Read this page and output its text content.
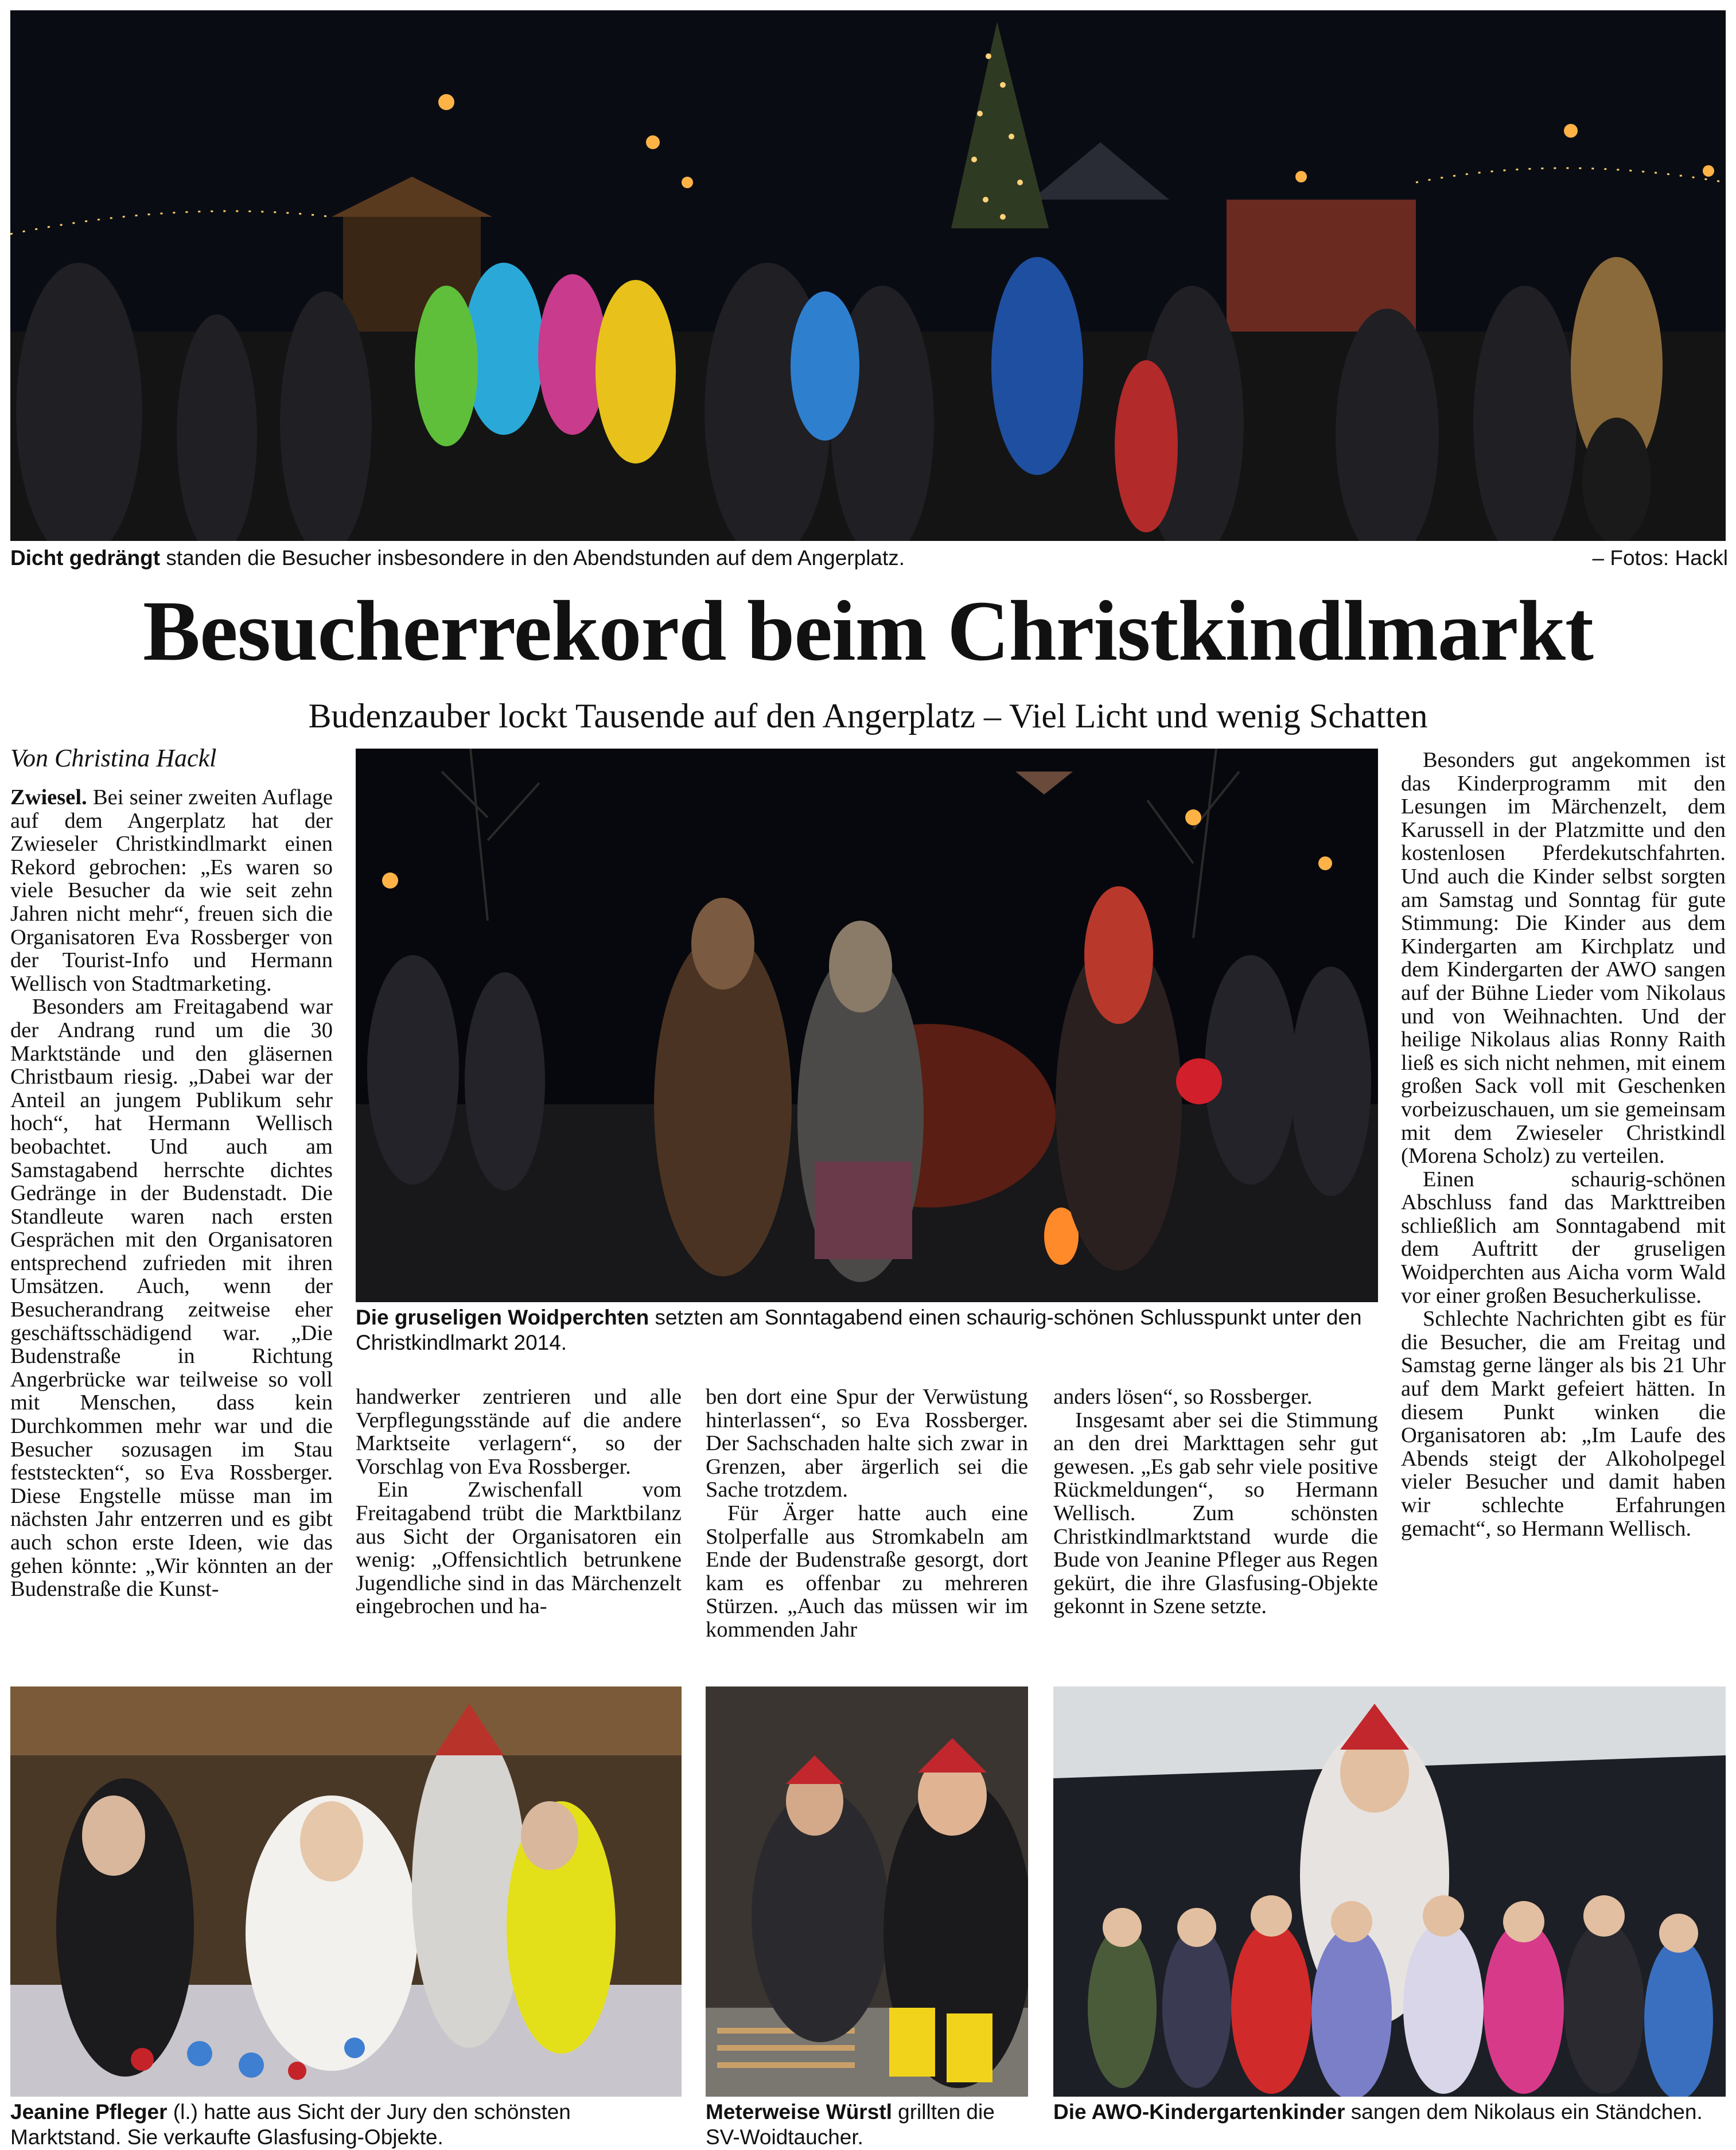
Dicht gedrängt standen die Besucher insbesondere in den Abendstunden auf dem Angerplatz.	– Fotos: Hackl
Besucherrekord beim Christkindlmarkt
Budenzauber lockt Tausende auf den Angerplatz – Viel Licht und wenig Schatten
Von Christina Hackl
Die gruseligen Woidperchten setzten am Sonntagabend einen schaurig-schönen Schlusspunkt unter den Christkindlmarkt 2014.

Zwiesel. Bei seiner zweiten Auflage auf dem Angerplatz hat der Zwieseler Christkindlmarkt einen Rekord gebrochen: „Es waren so viele Besucher da wie seit zehn Jahren nicht mehr“, freuen sich die Organisatoren Eva Rossberger von der Tourist-Info und Hermann Wellisch von Stadtmarketing.

Besonders am Freitagabend war der Andrang rund um die 30 Marktstände und den gläsernen Christbaum riesig. „Dabei war der Anteil an jungem Publikum sehr hoch“, hat Hermann Wellisch beobachtet. Und auch am Samstagabend herrschte dichtes Gedränge in der Budenstadt. Die Standleute waren nach ersten Gesprächen mit den Organisatoren entsprechend zufrieden mit ihren Umsätzen. Auch, wenn der Besucherandrang zeitweise eher geschäftsschädigend war. „Die Budenstraße in Richtung Angerbrücke war teilweise so voll mit Menschen, dass kein Durchkommen mehr war und die Besucher sozusagen im Stau feststeckten“, so Eva Rossberger. Diese Engstelle müsse man im nächsten Jahr entzerren und es gibt auch schon erste Ideen, wie das gehen könnte: „Wir könnten an der Budenstraße die Kunst-

handwerker zentrieren und alle Verpflegungsstände auf die andere Marktseite verlagern“, so der Vorschlag von Eva Rossberger.

Ein Zwischenfall vom Freitagabend trübt die Marktbilanz aus Sicht der Organisatoren ein wenig: „Offensichtlich betrunkene Jugendliche sind in das Märchenzelt eingebrochen und ha-

ben dort eine Spur der Verwüstung hinterlassen“, so Eva Rossberger. Der Sachschaden halte sich zwar in Grenzen, aber ärgerlich sei die Sache trotzdem.

Für Ärger hatte auch eine Stolperfalle aus Stromkabeln am Ende der Budenstraße gesorgt, dort kam es offenbar zu mehreren Stürzen. „Auch das müssen wir im kommenden Jahr

anders lösen“, so Rossberger.

Insgesamt aber sei die Stimmung an den drei Markttagen sehr gut gewesen. „Es gab sehr viele positive Rückmeldungen“, so Hermann Wellisch. Zum schönsten Christkindlmarktstand wurde die Bude von Jeanine Pfleger aus Regen gekürt, die ihre Glasfusing-Objekte gekonnt in Szene setzte.

Besonders gut angekommen ist das Kinderprogramm mit den Lesungen im Märchenzelt, dem Karussell in der Platzmitte und den kostenlosen Pferdekutschfahrten. Und auch die Kinder selbst sorgten am Samstag und Sonntag für gute Stimmung: Die Kinder aus dem Kindergarten am Kirchplatz und dem Kindergarten der AWO sangen auf der Bühne Lieder vom Nikolaus und von Weihnachten. Und der heilige Nikolaus alias Ronny Raith ließ es sich nicht nehmen, mit einem großen Sack voll mit Geschenken vorbeizuschauen, um sie gemeinsam mit dem Zwieseler Christkindl (Morena Scholz) zu verteilen.

Einen schaurig-schönen Abschluss fand das Markttreiben schließlich am Sonntagabend mit dem Auftritt der gruseligen Woidperchten aus Aicha vorm Wald vor einer großen Besucherkulisse.

Schlechte Nachrichten gibt es für die Besucher, die am Freitag und Samstag gerne länger als bis 21 Uhr auf dem Markt gefeiert hätten. In diesem Punkt winken die Organisatoren ab: „Im Laufe des Abends steigt der Alkoholpegel vieler Besucher und damit haben wir schlechte Erfahrungen gemacht“, so Hermann Wellisch.

Jeanine Pfleger (l.) hatte aus Sicht der Jury den schönsten Marktstand. Sie verkaufte Glasfusing-Objekte.
Meterweise Würstl grillten die SV-Woidtaucher.
Die AWO-Kindergartenkinder sangen dem Nikolaus ein Ständchen.
